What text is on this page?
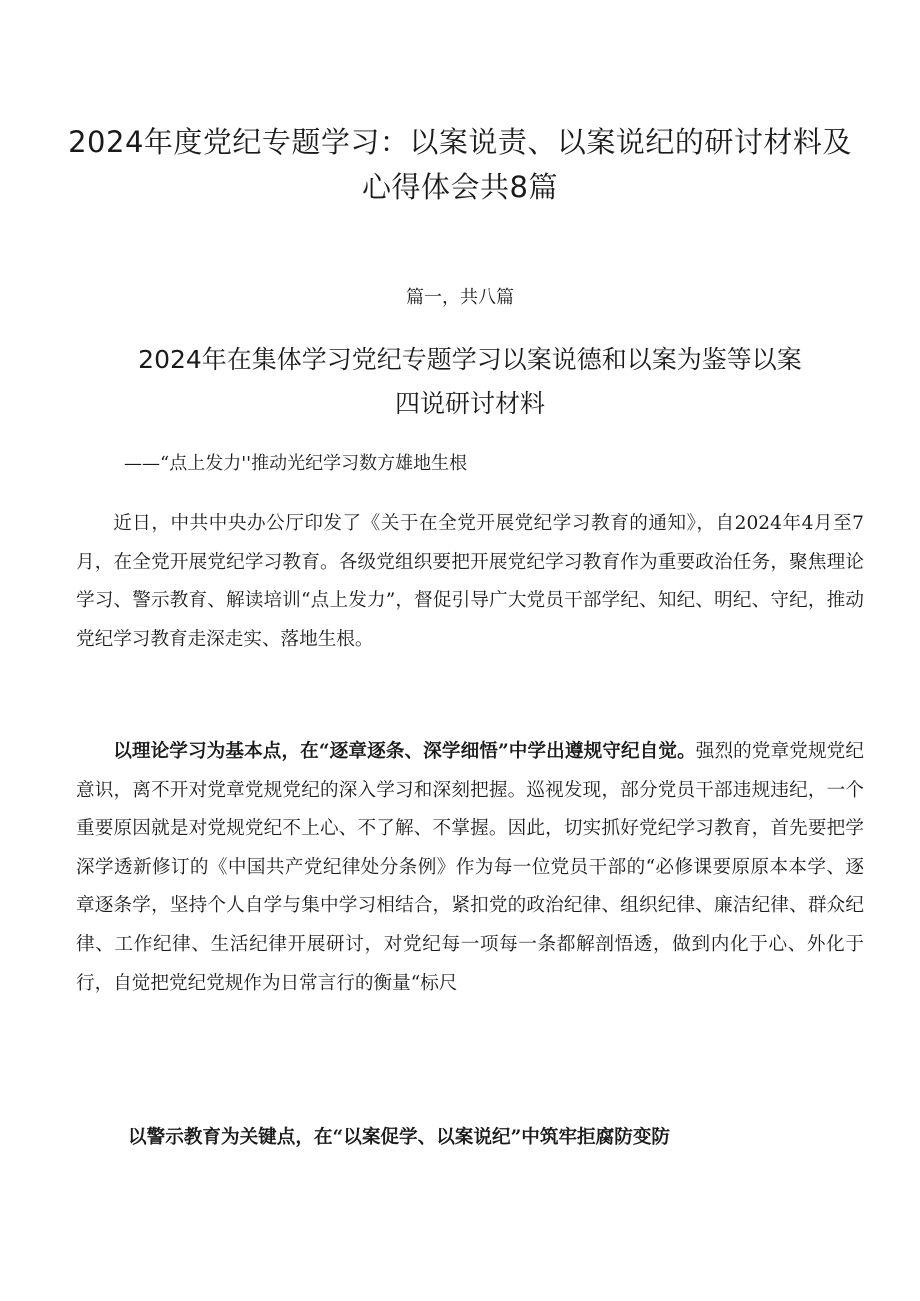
2024年度党纪专题学习：以案说责、以案说纪的研讨材料及心得体会共8篇
篇一，共八篇
2024年在集体学习党纪专题学习以案说德和以案为鉴等以案四说研讨材料
——“点上发力''推动光纪学习数方雄地生根

近日，中共中央办公厅印发了《关于在全党开展党纪学习教育的通知》，自2024年4月至7月，在全党开展党纪学习教育。各级党组织要把开展党纪学习教育作为重要政治任务，聚焦理论学习、警示教育、解读培训“点上发力”，督促引导广大党员干部学纪、知纪、明纪、守纪，推动党纪学习教育走深走实、落地生根。

以理论学习为基本点，在“逐章逐条、深学细悟”中学出遵规守纪自觉。强烈的党章党规党纪意识，离不开对党章党规党纪的深入学习和深刻把握。巡视发现，部分党员干部违规违纪，一个重要原因就是对党规党纪不上心、不了解、不掌握。因此，切实抓好党纪学习教育，首先要把学深学透新修订的《中国共产党纪律处分条例》作为每一位党员干部的“必修课要原原本本学、逐章逐条学，坚持个人自学与集中学习相结合，紧扣党的政治纪律、组织纪律、廉洁纪律、群众纪律、工作纪律、生活纪律开展研讨，对党纪每一项每一条都解剖悟透，做到内化于心、外化于行，自觉把党纪党规作为日常言行的衡量“标尺

以警示教育为关键点，在“以案促学、以案说纪”中筑牢拒腐防变防
